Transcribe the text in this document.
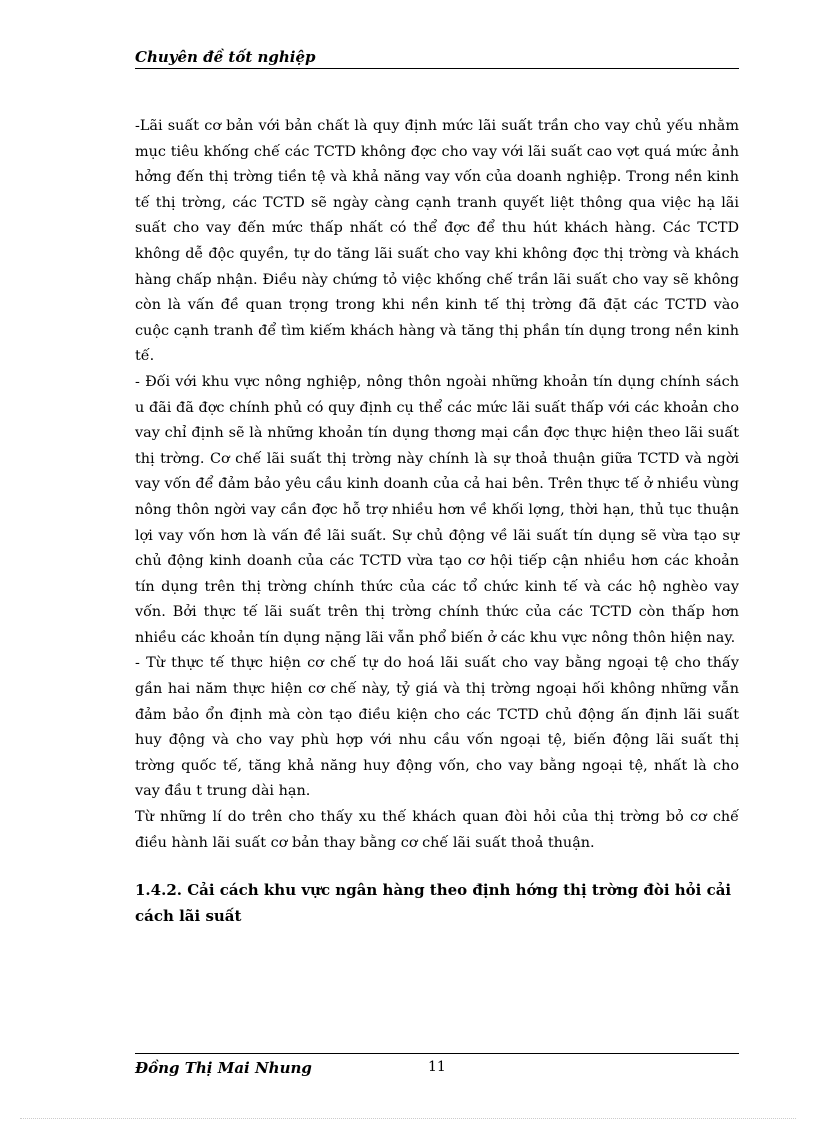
Chuyên đề tốt nghiệp

-Lãi suất cơ bản với bản chất là quy định mức lãi suất trần cho vay chủ yếu nhằm mục tiêu khống chế các TCTD không đợc cho vay với lãi suất cao vợt quá mức ảnh hởng đến thị trờng tiền tệ và khả năng vay vốn của doanh nghiệp. Trong nền kinh tế thị trờng, các TCTD sẽ ngày càng cạnh tranh quyết liệt thông qua việc hạ lãi suất cho vay đến mức thấp nhất có thể đợc để thu hút khách hàng. Các TCTD không dễ độc quyền, tự do tăng lãi suất cho vay khi không đợc thị trờng và khách hàng chấp nhận. Điều này chứng tỏ việc khống chế trần lãi suất cho vay sẽ không còn là vấn đề quan trọng trong khi nền kinh tế thị trờng đã đặt các TCTD vào cuộc cạnh tranh để tìm kiếm khách hàng và tăng thị phần tín dụng trong nền kinh tế.

- Đối với khu vực nông nghiệp, nông thôn ngoài những khoản tín dụng chính sách u đãi đã đợc chính phủ có quy định cụ thể các mức lãi suất thấp với các khoản cho vay chỉ định sẽ là những khoản tín dụng thơng mại cần đợc thực hiện theo lãi suất thị trờng. Cơ chế lãi suất thị trờng này chính là sự thoả thuận giữa TCTD và ngời vay vốn để đảm bảo yêu cầu kinh doanh của cả hai bên. Trên thực tế ở nhiều vùng nông thôn ngời vay cần đợc hỗ trợ nhiều hơn về khối lợng, thời hạn, thủ tục thuận lợi vay vốn hơn là vấn đề lãi suất. Sự chủ động về lãi suất tín dụng sẽ vừa tạo sự chủ động kinh doanh của các TCTD vừa tạo cơ hội tiếp cận nhiều hơn các khoản tín dụng trên thị trờng chính thức của các tổ chức kinh tế và các hộ nghèo vay vốn. Bởi thực tế lãi suất trên thị trờng chính thức của các TCTD còn thấp hơn nhiều các khoản tín dụng nặng lãi vẫn phổ biến ở các khu vực nông thôn hiện nay.

- Từ thực tế thực hiện cơ chế tự do hoá lãi suất cho vay bằng ngoại tệ cho thấy gần hai năm thực hiện cơ chế này, tỷ giá và thị trờng ngoại hối không những vẫn đảm bảo ổn định mà còn tạo điều kiện cho các TCTD chủ động ấn định lãi suất huy động và cho vay phù hợp với nhu cầu vốn ngoại tệ, biến động lãi suất thị trờng quốc tế, tăng khả năng huy động vốn, cho vay bằng ngoại tệ, nhất là cho vay đầu t trung dài hạn.

Từ những lí do trên cho thấy xu thế khách quan đòi hỏi của thị trờng bỏ cơ chế điều hành lãi suất cơ bản thay bằng cơ chế lãi suất thoả thuận.

1.4.2. Cải cách khu vực ngân hàng theo định hớng thị trờng đòi hỏi cải cách lãi suất
Đồng Thị Mai Nhung	11
